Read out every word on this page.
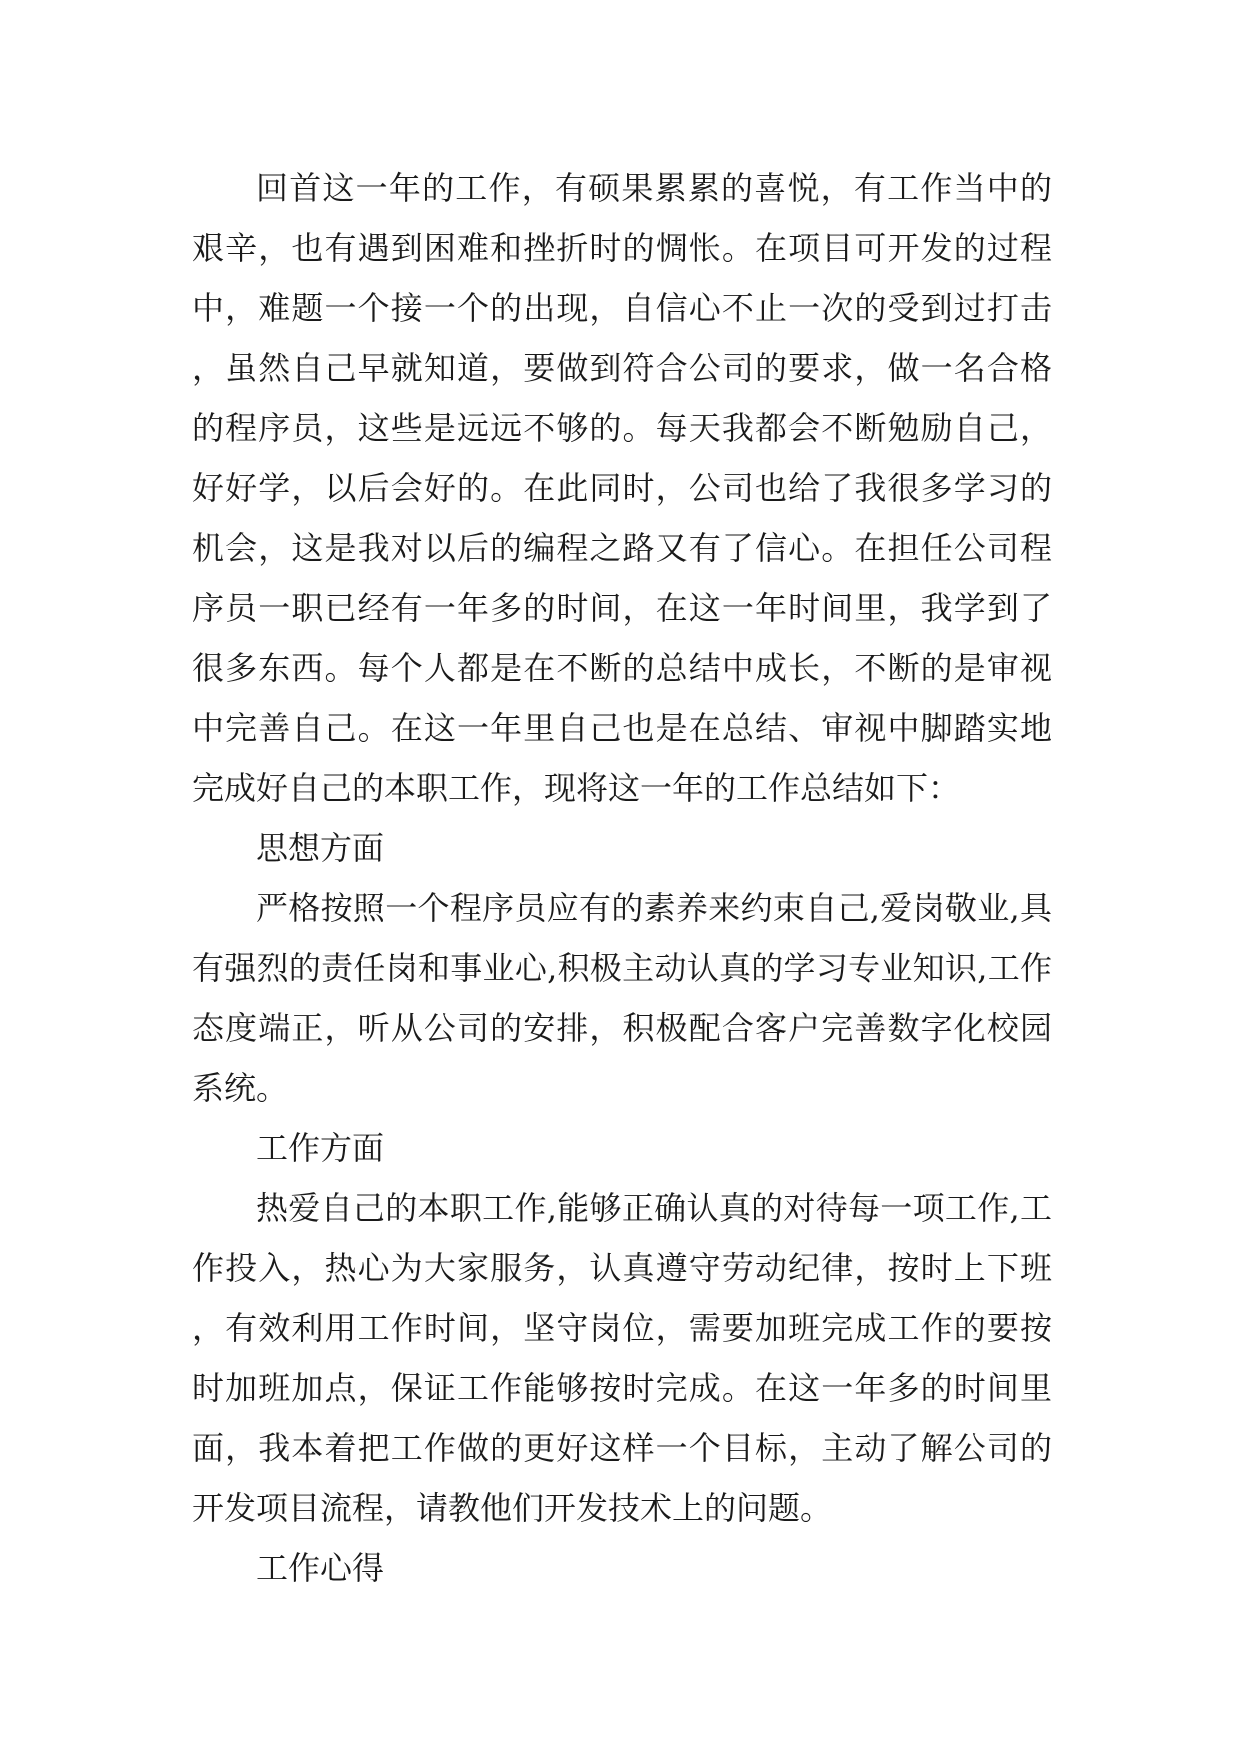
回首这一年的工作，有硕果累累的喜悦，有工作当中的艰辛，也有遇到困难和挫折时的惆怅。在项目可开发的过程中，难题一个接一个的出现，自信心不止一次的受到过打击，虽然自己早就知道，要做到符合公司的要求，做一名合格的程序员，这些是远远不够的。每天我都会不断勉励自己，好好学，以后会好的。在此同时，公司也给了我很多学习的机会，这是我对以后的编程之路又有了信心。在担任公司程序员一职已经有一年多的时间，在这一年时间里，我学到了很多东西。每个人都是在不断的总结中成长，不断的是审视中完善自己。在这一年里自己也是在总结、审视中脚踏实地完成好自己的本职工作，现将这一年的工作总结如下：

思想方面

严格按照一个程序员应有的素养来约束自己,爱岗敬业,具有强烈的责任岗和事业心,积极主动认真的学习专业知识,工作态度端正，听从公司的安排，积极配合客户完善数字化校园系统。

工作方面

热爱自己的本职工作,能够正确认真的对待每一项工作,工作投入，热心为大家服务，认真遵守劳动纪律，按时上下班，有效利用工作时间，坚守岗位，需要加班完成工作的要按时加班加点，保证工作能够按时完成。在这一年多的时间里面，我本着把工作做的更好这样一个目标，主动了解公司的开发项目流程，请教他们开发技术上的问题。

工作心得
